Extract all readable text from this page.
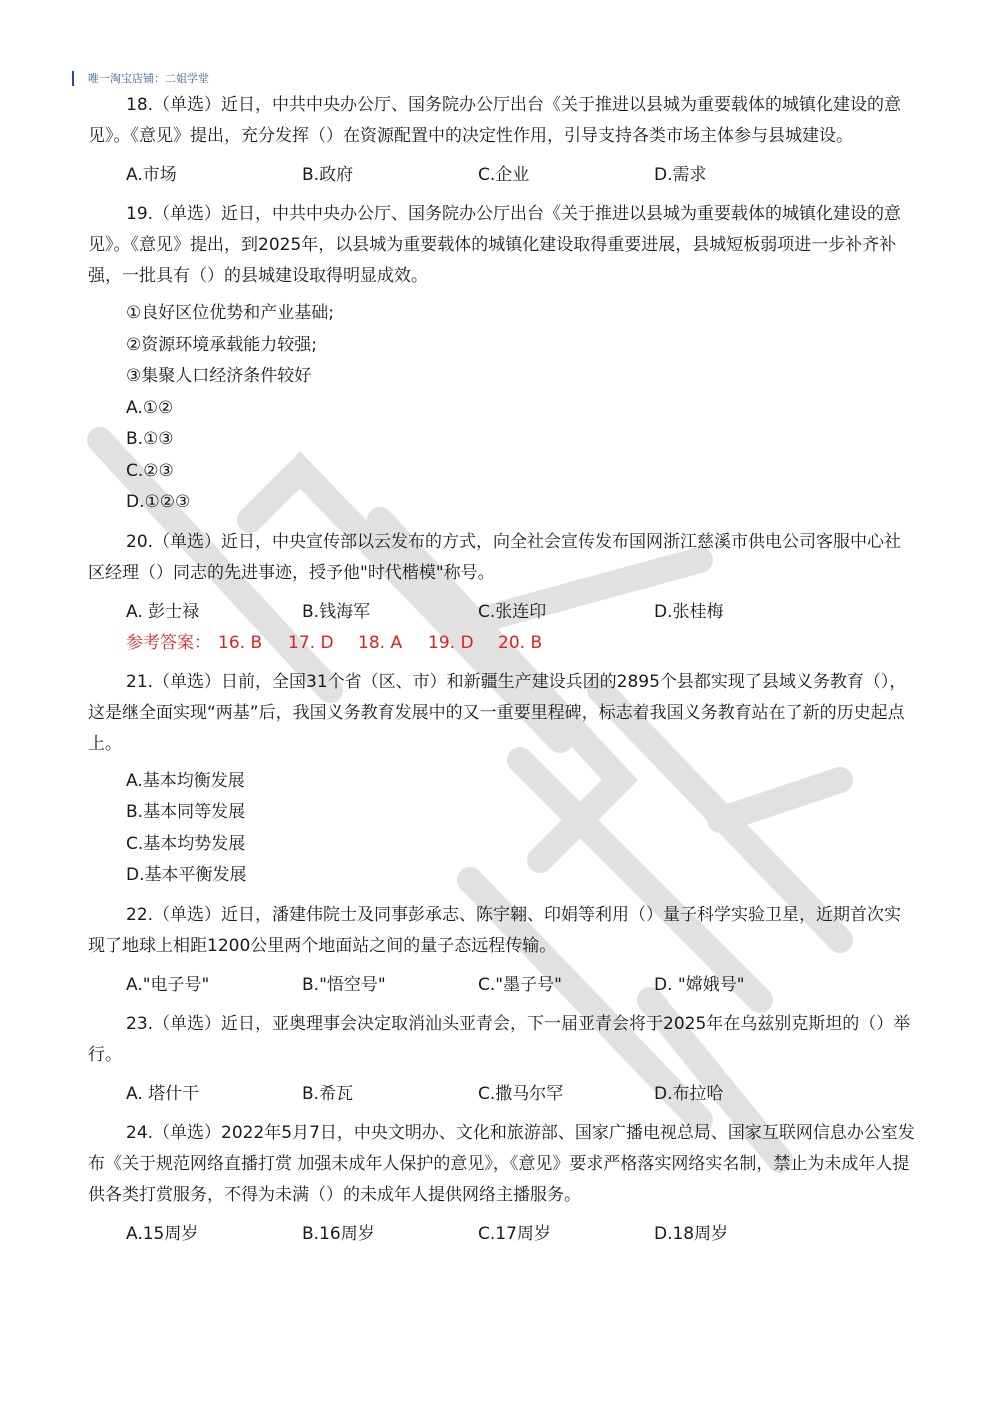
唯一淘宝店铺：二姐学堂

18.（单选）近日，中共中央办公厅、国务院办公厅出台《关于推进以县城为重要载体的城镇化建设的意见》。《意见》提出，充分发挥（）在资源配置中的决定性作用，引导支持各类市场主体参与县城建设。

A.市场	B.政府	C.企业	D.需求

19.（单选）近日，中共中央办公厅、国务院办公厅出台《关于推进以县城为重要载体的城镇化建设的意见》。《意见》提出，到2025年，以县城为重要载体的城镇化建设取得重要进展，县城短板弱项进一步补齐补强，一批具有（）的县城建设取得明显成效。

①良好区位优势和产业基础;
②资源环境承载能力较强;
③集聚人口经济条件较好
A.①②
B.①③
C.②③
D.①②③

20.（单选）近日，中央宣传部以云发布的方式，向全社会宣传发布国网浙江慈溪市供电公司客服中心社区经理（）同志的先进事迹，授予他"时代楷模"称号。

A. 彭士禄	B.钱海军	C.张连印	D.张桂梅
参考答案： 16. B	17. D	18. A	19. D	20. B

21.（单选）日前，全国31个省（区、市）和新疆生产建设兵团的2895个县都实现了县域义务教育（），这是继全面实现“两基”后，我国义务教育发展中的又一重要里程碑，标志着我国义务教育站在了新的历史起点上。

A.基本均衡发展
B.基本同等发展
C.基本均势发展
D.基本平衡发展

22.（单选）近日，潘建伟院士及同事彭承志、陈宇翱、印娟等利用（）量子科学实验卫星，近期首次实现了地球上相距1200公里两个地面站之间的量子态远程传输。

A."电子号"	B."悟空号"	C."墨子号"	D. "嫦娥号"

23.（单选）近日，亚奥理事会决定取消汕头亚青会，下一届亚青会将于2025年在乌兹别克斯坦的（）举行。

A. 塔什干	B.希瓦	C.撒马尔罕	D.布拉哈

24.（单选）2022年5月7日，中央文明办、文化和旅游部、国家广播电视总局、国家互联网信息办公室发布《关于规范网络直播打赏 加强未成年人保护的意见》，《意见》要求严格落实网络实名制，禁止为未成年人提供各类打赏服务，不得为未满（）的未成年人提供网络主播服务。

A.15周岁	B.16周岁	C.17周岁	D.18周岁
